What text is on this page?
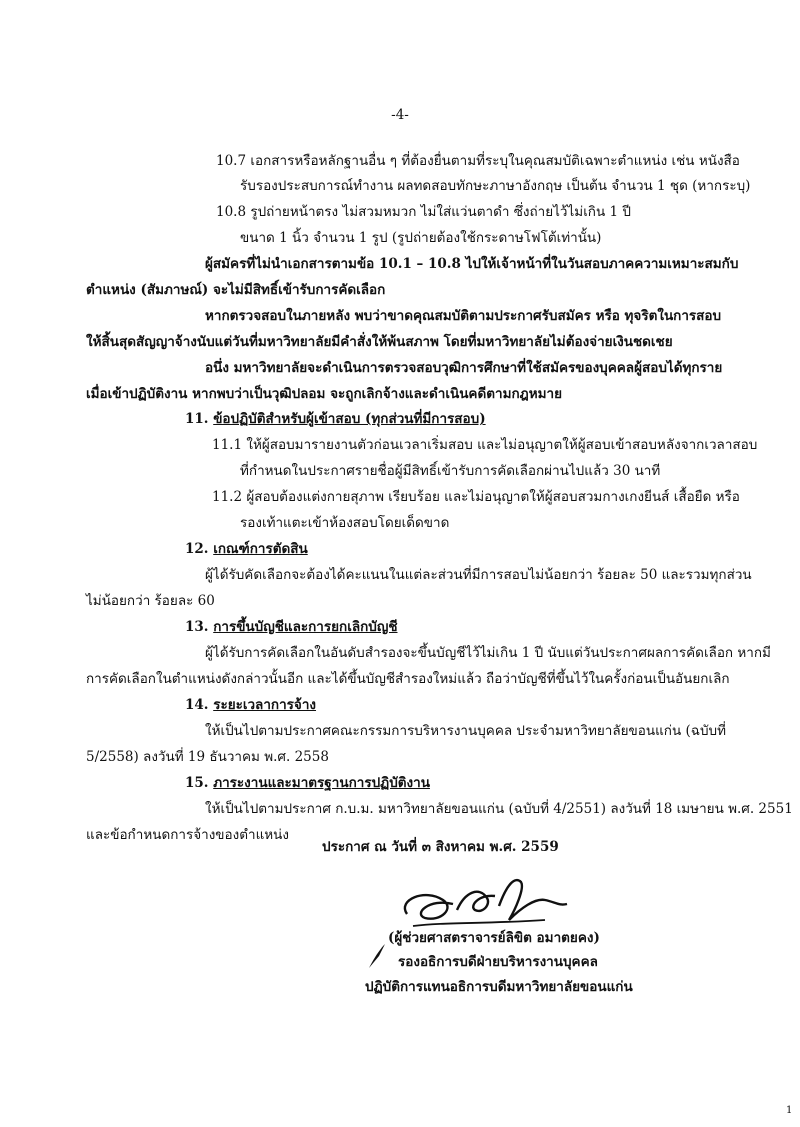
-4-
10.7 เอกสารหรือหลักฐานอื่น ๆ ที่ต้องยื่นตามที่ระบุในคุณสมบัติเฉพาะตำแหน่ง เช่น หนังสือ
รับรองประสบการณ์ทำงาน ผลทดสอบทักษะภาษาอังกฤษ เป็นต้น จำนวน 1 ชุด (หากระบุ)
10.8 รูปถ่ายหน้าตรง ไม่สวมหมวก ไม่ใส่แว่นตาดำ ซึ่งถ่ายไว้ไม่เกิน 1 ปี
ขนาด 1 นิ้ว จำนวน 1 รูป (รูปถ่ายต้องใช้กระดาษโฟโต้เท่านั้น)
ผู้สมัครที่ไม่นำเอกสารตามข้อ 10.1 – 10.8 ไปให้เจ้าหน้าที่ในวันสอบภาคความเหมาะสมกับ
ตำแหน่ง (สัมภาษณ์) จะไม่มีสิทธิ์เข้ารับการคัดเลือก
หากตรวจสอบในภายหลัง พบว่าขาดคุณสมบัติตามประกาศรับสมัคร หรือ ทุจริตในการสอบ
ให้สิ้นสุดสัญญาจ้างนับแต่วันที่มหาวิทยาลัยมีคำสั่งให้พ้นสภาพ โดยที่มหาวิทยาลัยไม่ต้องจ่ายเงินชดเชย
อนึ่ง มหาวิทยาลัยจะดำเนินการตรวจสอบวุฒิการศึกษาที่ใช้สมัครของบุคคลผู้สอบได้ทุกราย
เมื่อเข้าปฏิบัติงาน หากพบว่าเป็นวุฒิปลอม จะถูกเลิกจ้างและดำเนินคดีตามกฎหมาย
11. ข้อปฏิบัติสำหรับผู้เข้าสอบ (ทุกส่วนที่มีการสอบ)
11.1 ให้ผู้สอบมารายงานตัวก่อนเวลาเริ่มสอบ และไม่อนุญาตให้ผู้สอบเข้าสอบหลังจากเวลาสอบ
ที่กำหนดในประกาศรายชื่อผู้มีสิทธิ์เข้ารับการคัดเลือกผ่านไปแล้ว 30 นาที
11.2 ผู้สอบต้องแต่งกายสุภาพ เรียบร้อย และไม่อนุญาตให้ผู้สอบสวมกางเกงยีนส์ เสื้อยืด หรือ
รองเท้าแตะเข้าห้องสอบโดยเด็ดขาด
12. เกณฑ์การตัดสิน
ผู้ได้รับคัดเลือกจะต้องได้คะแนนในแต่ละส่วนที่มีการสอบไม่น้อยกว่า ร้อยละ 50 และรวมทุกส่วน
ไม่น้อยกว่า ร้อยละ 60
13. การขึ้นบัญชีและการยกเลิกบัญชี
ผู้ได้รับการคัดเลือกในอันดับสำรองจะขึ้นบัญชีไว้ไม่เกิน 1 ปี นับแต่วันประกาศผลการคัดเลือก หากมี
การคัดเลือกในตำแหน่งดังกล่าวนั้นอีก และได้ขึ้นบัญชีสำรองใหม่แล้ว ถือว่าบัญชีที่ขึ้นไว้ในครั้งก่อนเป็นอันยกเลิก
14. ระยะเวลาการจ้าง
ให้เป็นไปตามประกาศคณะกรรมการบริหารงานบุคคล ประจำมหาวิทยาลัยขอนแก่น (ฉบับที่
5/2558) ลงวันที่ 19 ธันวาคม พ.ศ. 2558
15. ภาระงานและมาตรฐานการปฏิบัติงาน
ให้เป็นไปตามประกาศ ก.บ.ม. มหาวิทยาลัยขอนแก่น (ฉบับที่ 4/2551) ลงวันที่ 18 เมษายน พ.ศ. 2551
และข้อกำหนดการจ้างของตำแหน่ง
ประกาศ ณ วันที่ ๓ สิงหาคม พ.ศ. 2559
(ผู้ช่วยศาสตราจารย์ลิขิต อมาตยคง)
รองอธิการบดีฝ่ายบริหารงานบุคคล
ปฏิบัติการแทนอธิการบดีมหาวิทยาลัยขอนแก่น
1
